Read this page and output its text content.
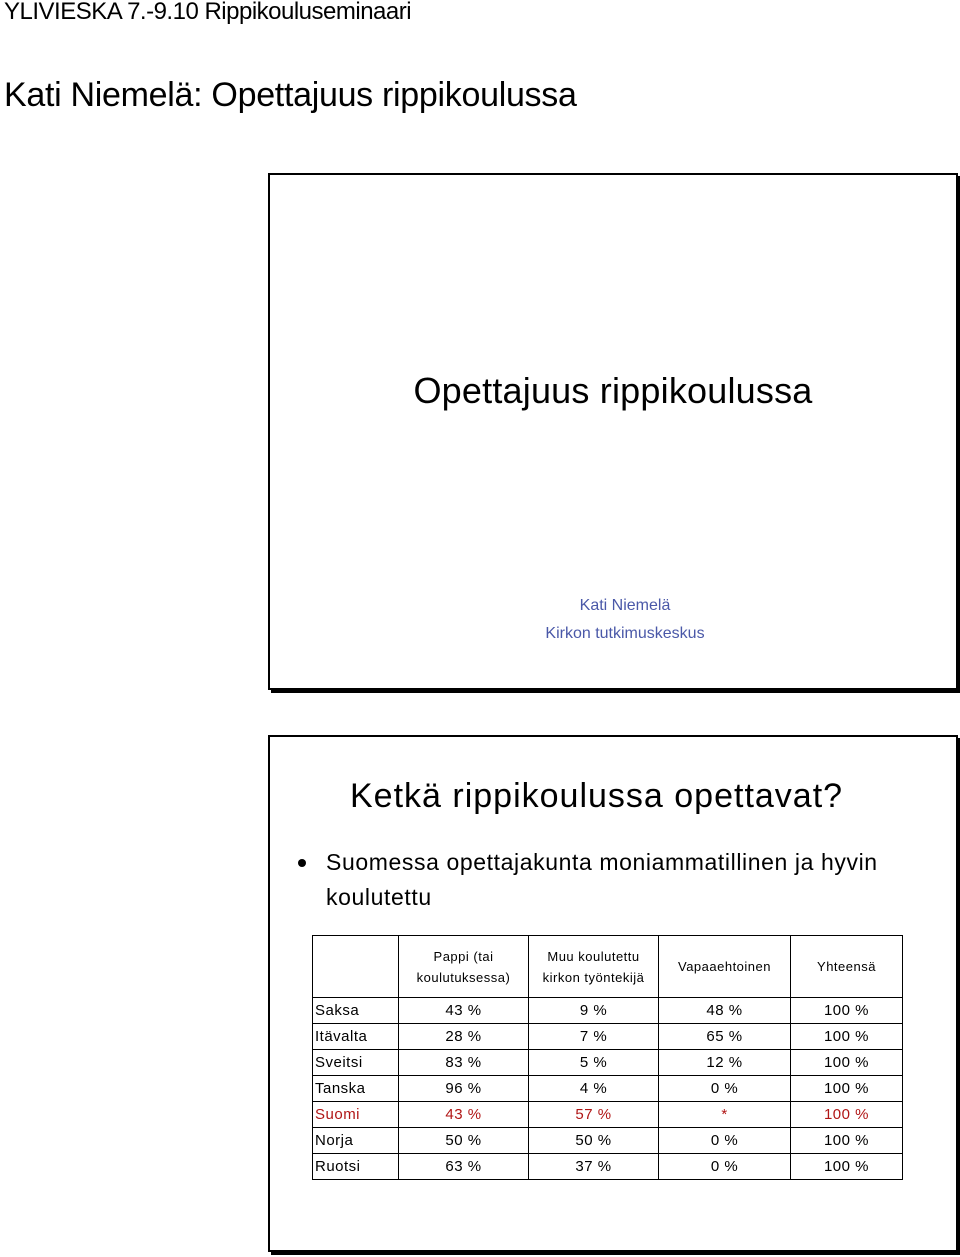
YLIVIESKA 7.-9.10 Rippikouluseminaari
Kati Niemelä: Opettajuus rippikoulussa
Opettajuus rippikoulussa
Kati Niemelä
Kirkon tutkimuskeskus
Ketkä rippikoulussa opettavat?
Suomessa opettajakunta moniammatillinen ja hyvin koulutettu
	Pappi (tai koulutuksessa)	Muu koulutettu kirkon työntekijä	Vapaaehtoinen	Yhteensä
Saksa	43 %	9 %	48 %	100 %
Itävalta	28 %	7 %	65 %	100 %
Sveitsi	83 %	5 %	12 %	100 %
Tanska	96 %	4 %	0 %	100 %
Suomi	43 %	57 %	*	100 %
Norja	50 %	50 %	0 %	100 %
Ruotsi	63 %	37 %	0 %	100 %
